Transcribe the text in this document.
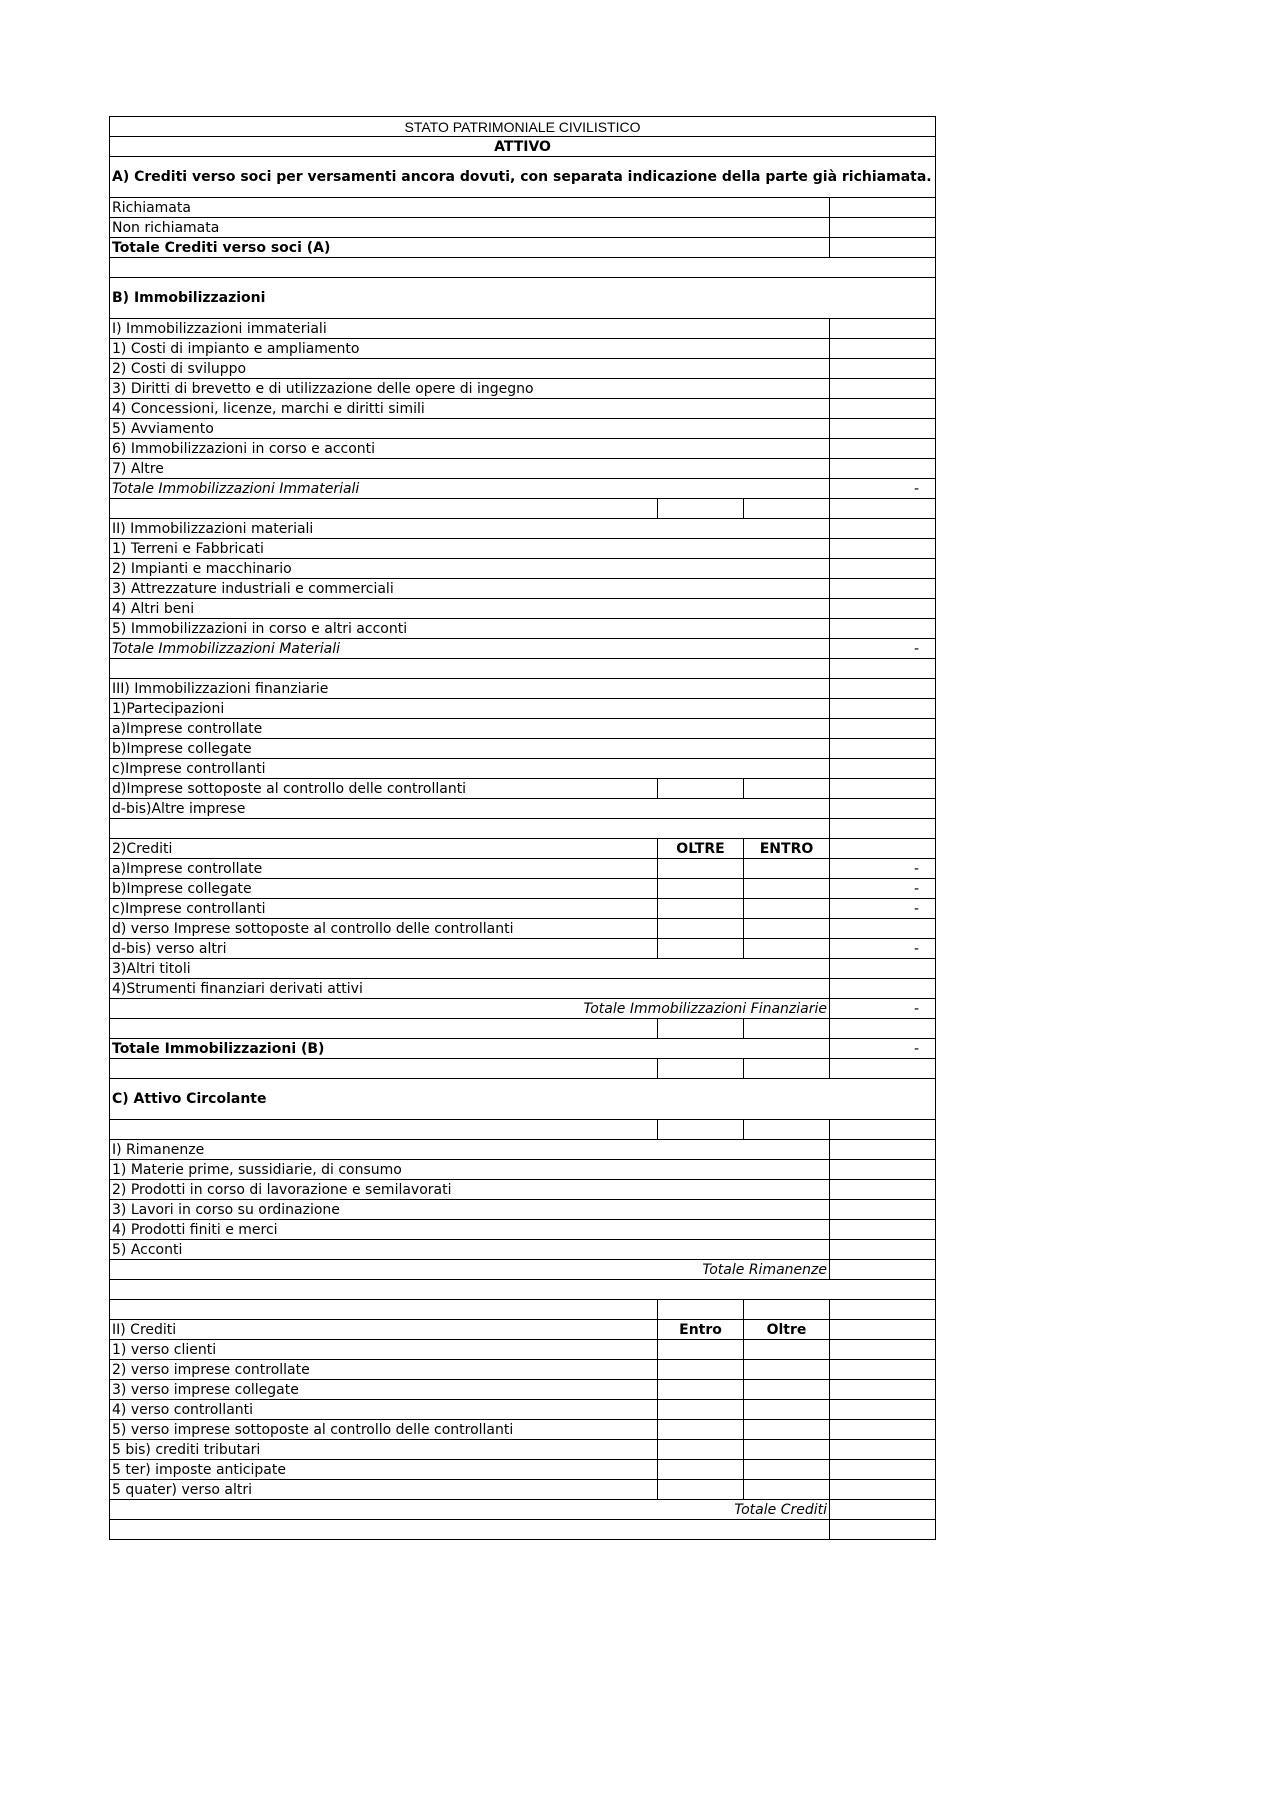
STATO PATRIMONIALE CIVILISTICO			
ATTIVO			
A) Crediti verso soci per versamenti ancora dovuti, con separata indicazione della parte già richiamata.			
Richiamata			
Non richiamata			
Totale Crediti verso soci (A)			

B) Immobilizzazioni			
I) Immobilizzazioni immateriali			
1) Costi di impianto e ampliamento			
2) Costi di sviluppo			
3) Diritti di brevetto e di utilizzazione delle opere di ingegno			
4) Concessioni, licenze, marchi e diritti simili			
5) Avviamento			
6) Immobilizzazioni in corso e acconti			
7) Altre			
Totale Immobilizzazioni Immateriali			-

II) Immobilizzazioni materiali			
1) Terreni e Fabbricati			
2) Impianti e macchinario			
3) Attrezzature industriali e commerciali			
4) Altri beni			
5) Immobilizzazioni in corso e altri acconti			
Totale Immobilizzazioni Materiali			-

III) Immobilizzazioni finanziarie			
1)Partecipazioni			
a)Imprese controllate			
b)Imprese collegate			
c)Imprese controllanti			
d)Imprese sottoposte al controllo delle controllanti			
d-bis)Altre imprese			

2)Crediti	OLTRE	ENTRO	
a)Imprese controllate			-
b)Imprese collegate			-
c)Imprese controllanti			-
d) verso Imprese sottoposte al controllo delle controllanti			
d-bis) verso altri			-
3)Altri titoli			
4)Strumenti finanziari derivati attivi			
Totale Immobilizzazioni Finanziarie			-

Totale Immobilizzazioni (B)			-

C) Attivo Circolante			

I) Rimanenze			
1) Materie prime, sussidiarie, di consumo			
2) Prodotti in corso di lavorazione e semilavorati			
3) Lavori in corso su ordinazione			
4) Prodotti finiti e merci			
5) Acconti			
Totale Rimanenze			

II) Crediti	Entro	Oltre	
1) verso clienti			
2) verso imprese controllate			
3) verso imprese collegate			
4) verso controllanti			
5) verso imprese sottoposte al controllo delle controllanti			
5 bis) crediti tributari			
5 ter) imposte anticipate			
5 quater) verso altri			
Totale Crediti			
